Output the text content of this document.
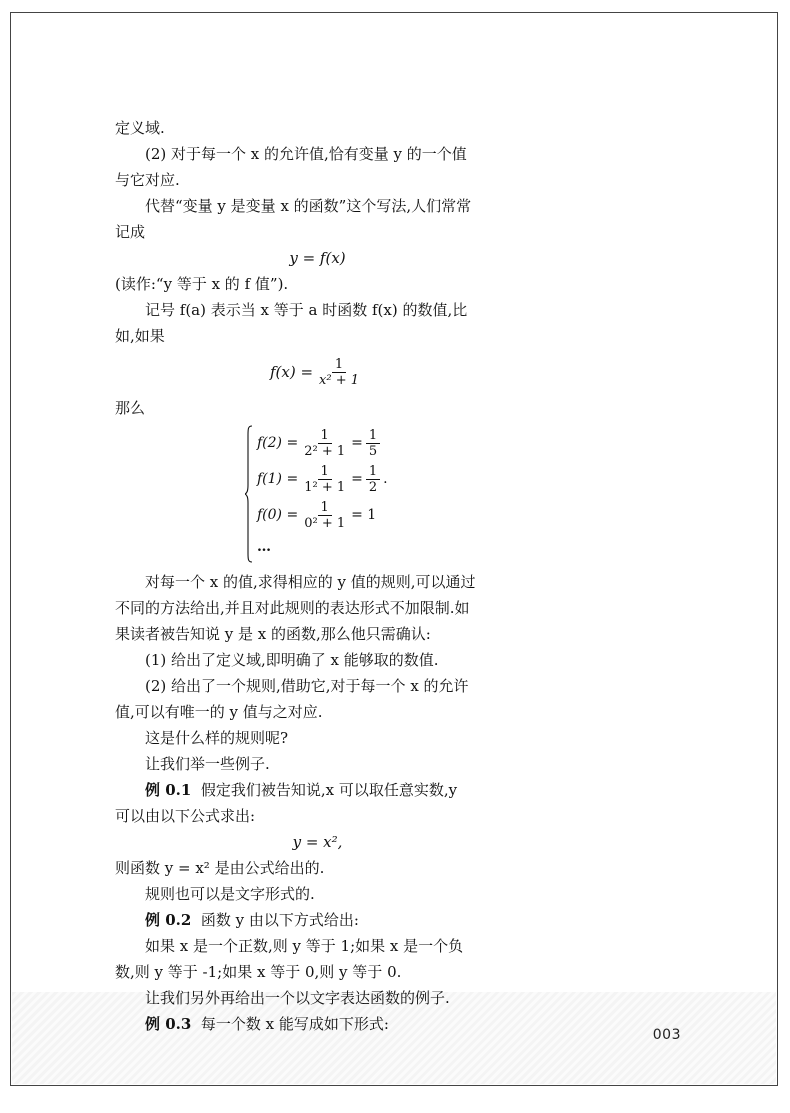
003

定义域.

(2) 对于每一个 x 的允许值,恰有变量 y 的一个值

与它对应.

代替“变量 y 是变量 x 的函数”这个写法,人们常常

记成

y = f(x)

(读作:“y 等于 x 的 f 值”).

记号 f(a) 表示当 x 等于 a 时函数 f(x) 的数值,比

如,如果

$f(x) = \frac{1}{\text{x² + 1}}$

那么

$f(2) = \frac{1}{\text{2² + 1}} = \frac{1}{5}$
$f(1) = \frac{1}{\text{1² + 1}} = \frac{1}{2}$ .
$f(0) = \frac{1}{\text{0² + 1}} = 1$
…

对每一个 x 的值,求得相应的 y 值的规则,可以通过

不同的方法给出,并且对此规则的表达形式不加限制.如

果读者被告知说 y 是 x 的函数,那么他只需确认:

(1) 给出了定义域,即明确了 x 能够取的数值.

(2) 给出了一个规则,借助它,对于每一个 x 的允许

值,可以有唯一的 y 值与之对应.

这是什么样的规则呢?

让我们举一些例子.

例 0.1 假定我们被告知说,x 可以取任意实数,y

可以由以下公式求出:

y = x²,

则函数 y = x² 是由公式给出的.

规则也可以是文字形式的.

例 0.2 函数 y 由以下方式给出:

如果 x 是一个正数,则 y 等于 1;如果 x 是一个负

数,则 y 等于 -1;如果 x 等于 0,则 y 等于 0.

让我们另外再给出一个以文字表达函数的例子.

例 0.3 每一个数 x 能写成如下形式:
